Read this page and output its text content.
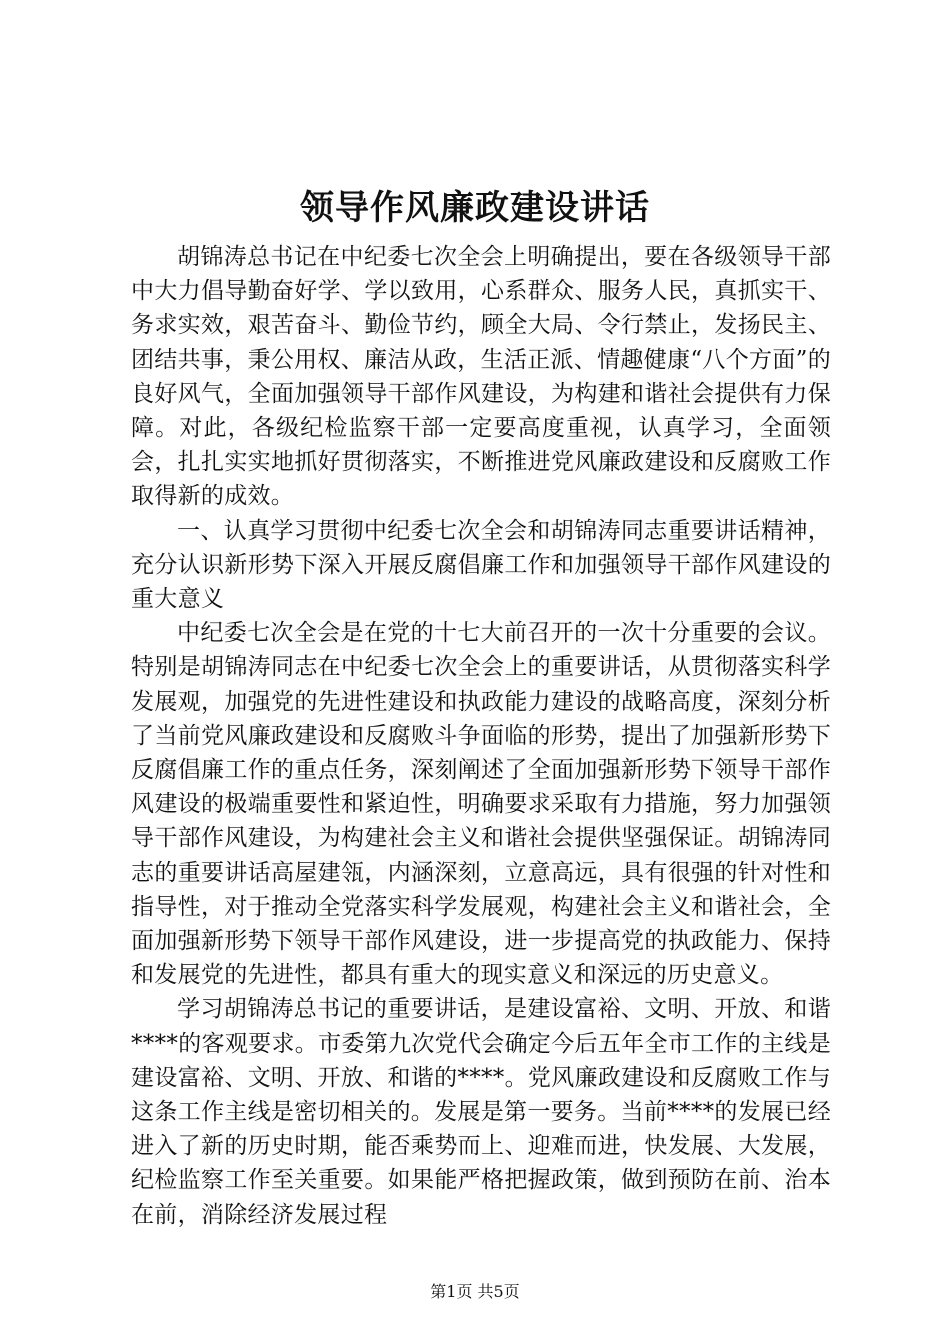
领导作风廉政建设讲话

胡锦涛总书记在中纪委七次全会上明确提出，要在各级领导干部中大力倡导勤奋好学、学以致用，心系群众、服务人民，真抓实干、务求实效，艰苦奋斗、勤俭节约，顾全大局、令行禁止，发扬民主、团结共事，秉公用权、廉洁从政，生活正派、情趣健康“八个方面”的良好风气，全面加强领导干部作风建设，为构建和谐社会提供有力保障。对此，各级纪检监察干部一定要高度重视，认真学习，全面领会，扎扎实实地抓好贯彻落实，不断推进党风廉政建设和反腐败工作取得新的成效。

一、认真学习贯彻中纪委七次全会和胡锦涛同志重要讲话精神，充分认识新形势下深入开展反腐倡廉工作和加强领导干部作风建设的重大意义

中纪委七次全会是在党的十七大前召开的一次十分重要的会议。特别是胡锦涛同志在中纪委七次全会上的重要讲话，从贯彻落实科学发展观，加强党的先进性建设和执政能力建设的战略高度，深刻分析了当前党风廉政建设和反腐败斗争面临的形势，提出了加强新形势下反腐倡廉工作的重点任务，深刻阐述了全面加强新形势下领导干部作风建设的极端重要性和紧迫性，明确要求采取有力措施，努力加强领导干部作风建设，为构建社会主义和谐社会提供坚强保证。胡锦涛同志的重要讲话高屋建瓴，内涵深刻，立意高远，具有很强的针对性和指导性，对于推动全党落实科学发展观，构建社会主义和谐社会，全面加强新形势下领导干部作风建设，进一步提高党的执政能力、保持和发展党的先进性，都具有重大的现实意义和深远的历史意义。

学习胡锦涛总书记的重要讲话，是建设富裕、文明、开放、和谐****的客观要求。市委第九次党代会确定今后五年全市工作的主线是建设富裕、文明、开放、和谐的****。党风廉政建设和反腐败工作与这条工作主线是密切相关的。发展是第一要务。当前****的发展已经进入了新的历史时期，能否乘势而上、迎难而进，快发展、大发展，纪检监察工作至关重要。如果能严格把握政策，做到预防在前、治本在前，消除经济发展过程

第1页 共5页
